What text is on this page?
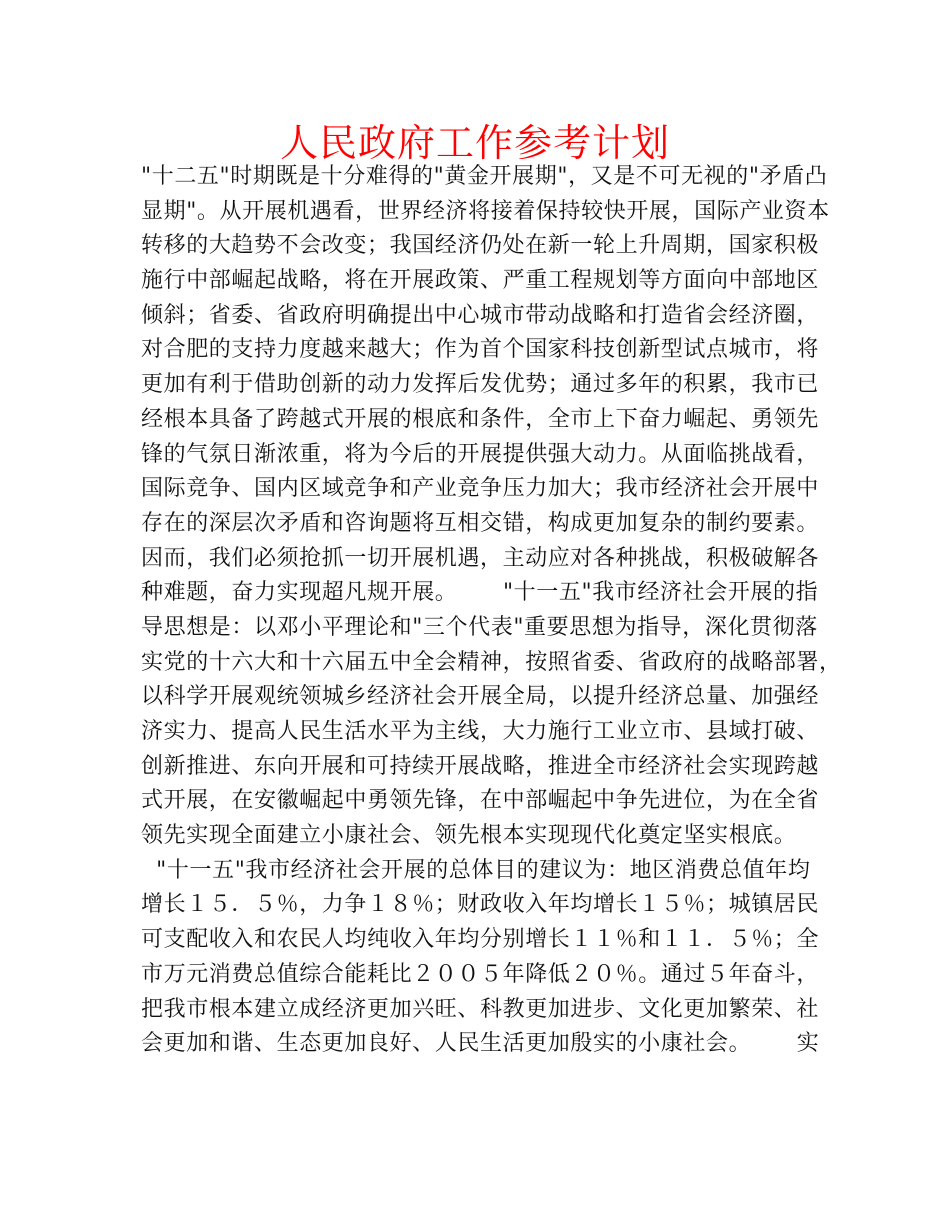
人民政府工作参考计划
"十二五"时期既是十分难得的"黄金开展期"，又是不可无视的"矛盾凸
显期"。从开展机遇看，世界经济将接着保持较快开展，国际产业资本
转移的大趋势不会改变；我国经济仍处在新一轮上升周期，国家积极
施行中部崛起战略，将在开展政策、严重工程规划等方面向中部地区
倾斜；省委、省政府明确提出中心城市带动战略和打造省会经济圈，
对合肥的支持力度越来越大；作为首个国家科技创新型试点城市，将
更加有利于借助创新的动力发挥后发优势；通过多年的积累，我市已
经根本具备了跨越式开展的根底和条件，全市上下奋力崛起、勇领先
锋的气氛日渐浓重，将为今后的开展提供强大动力。从面临挑战看，
国际竞争、国内区域竞争和产业竞争压力加大；我市经济社会开展中
存在的深层次矛盾和咨询题将互相交错，构成更加复杂的制约要素。
因而，我们必须抢抓一切开展机遇，主动应对各种挑战，积极破解各
种难题，奋力实现超凡规开展。      "十一五"我市经济社会开展的指
导思想是：以邓小平理论和"三个代表"重要思想为指导，深化贯彻落
实党的十六大和十六届五中全会精神，按照省委、省政府的战略部署，
以科学开展观统领城乡经济社会开展全局，以提升经济总量、加强经
济实力、提高人民生活水平为主线，大力施行工业立市、县域打破、
创新推进、东向开展和可持续开展战略，推进全市经济社会实现跨越
式开展，在安徽崛起中勇领先锋，在中部崛起中争先进位，为在全省
领先实现全面建立小康社会、领先根本实现现代化奠定坚实根底。
"十一五"我市经济社会开展的总体目的建议为：地区消费总值年均
增长１５．５％，力争１８％；财政收入年均增长１５％；城镇居民
可支配收入和农民人均纯收入年均分别增长１１％和１１．５％；全
市万元消费总值综合能耗比２００５年降低２０％。通过５年奋斗，
把我市根本建立成经济更加兴旺、科教更加进步、文化更加繁荣、社
会更加和谐、生态更加良好、人民生活更加殷实的小康社会。      实
